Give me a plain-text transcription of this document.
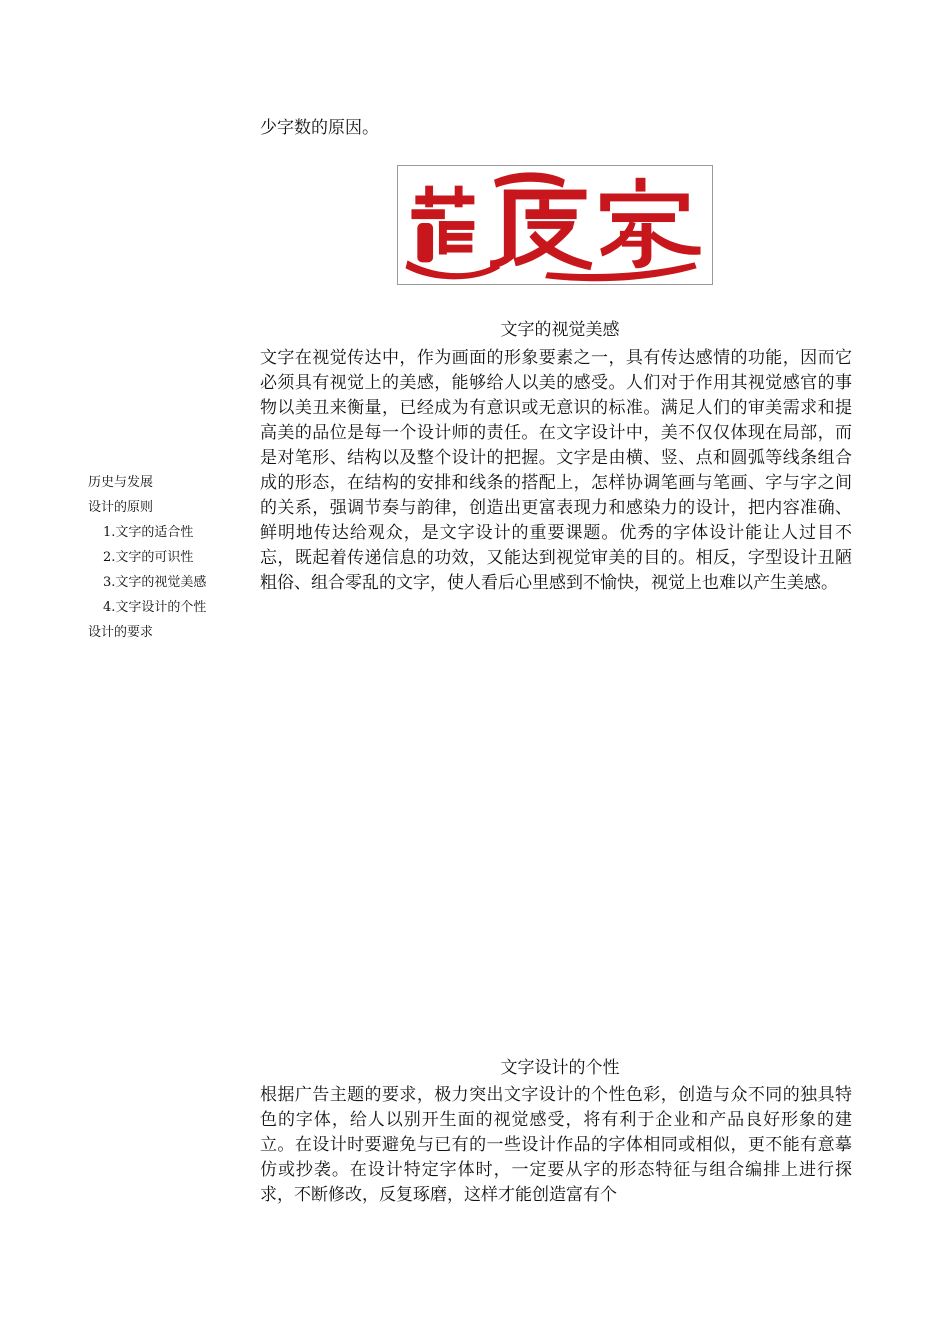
少字数的原因。
文字的视觉美感
文字在视觉传达中，作为画面的形象要素之一，具有传达感情的功能，因而它必须具有视觉上的美感，能够给人以美的感受。人们对于作用其视觉感官的事物以美丑来衡量，已经成为有意识或无意识的标准。满足人们的审美需求和提高美的品位是每一个设计师的责任。在文字设计中，美不仅仅体现在局部，而是对笔形、结构以及整个设计的把握。文字是由横、竖、点和圆弧等线条组合成的形态，在结构的安排和线条的搭配上，怎样协调笔画与笔画、字与字之间的关系，强调节奏与韵律，创造出更富表现力和感染力的设计，把内容准确、鲜明地传达给观众，是文字设计的重要课题。优秀的字体设计能让人过目不忘，既起着传递信息的功效，又能达到视觉审美的目的。相反，字型设计丑陋粗俗、组合零乱的文字，使人看后心里感到不愉快，视觉上也难以产生美感。
历史与发展
设计的原则
1.文字的适合性
2.文字的可识性
3.文字的视觉美感
4.文字设计的个性
设计的要求
文字设计的个性
根据广告主题的要求，极力突出文字设计的个性色彩，创造与众不同的独具特色的字体，给人以别开生面的视觉感受，将有利于企业和产品良好形象的建立。在设计时要避免与已有的一些设计作品的字体相同或相似，更不能有意摹仿或抄袭。在设计特定字体时，一定要从字的形态特征与组合编排上进行探求，不断修改，反复琢磨，这样才能创造富有个
